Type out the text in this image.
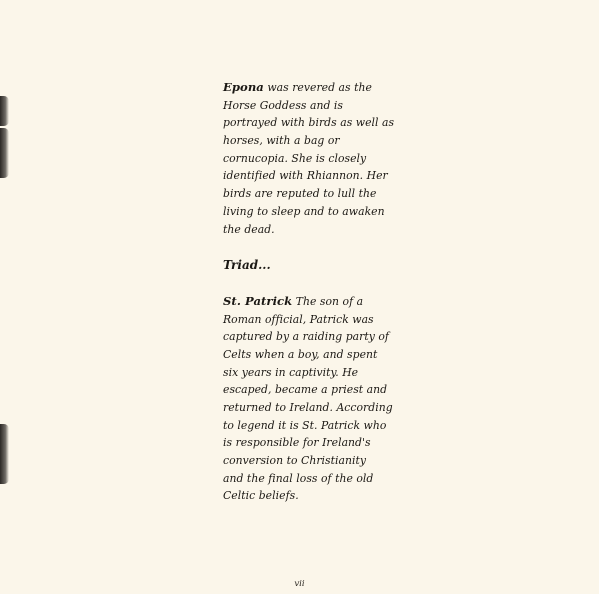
Epona was revered as the
Horse Goddess and is
portrayed with birds as well as
horses, with a bag or
cornucopia. She is closely
identified with Rhiannon. Her
birds are reputed to lull the
living to sleep and to awaken
the dead.

Triad...

St. Patrick The son of a
Roman official, Patrick was
captured by a raiding party of
Celts when a boy, and spent
six years in captivity. He
escaped, became a priest and
returned to Ireland. According
to legend it is St. Patrick who
is responsible for Ireland's
conversion to Christianity
and the final loss of the old
Celtic beliefs.

vii
